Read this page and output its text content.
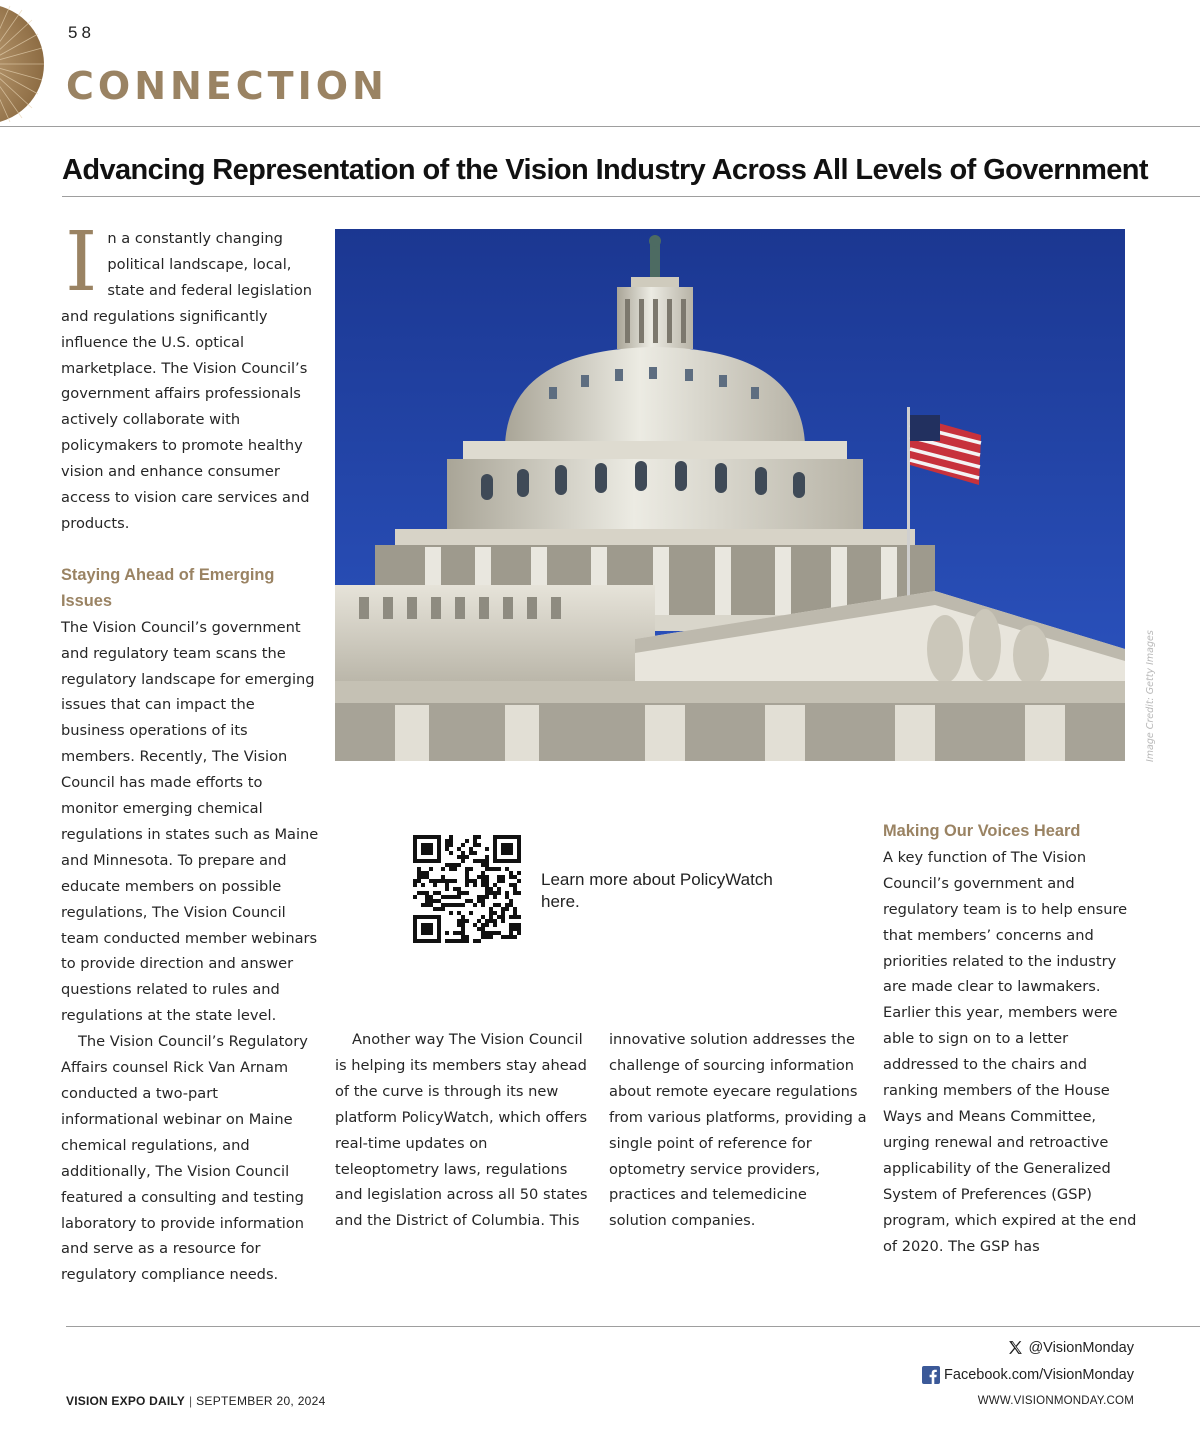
58
CONNECTION
Advancing Representation of the Vision Industry Across All Levels of Government

In a constantly changing political landscape, local, state and federal legislation and regulations significantly influence the U.S. optical marketplace. The Vision Council’s government affairs professionals actively collaborate with policymakers to promote healthy vision and enhance consumer access to vision care services and products.

Staying Ahead of Emerging Issues

The Vision Council’s government and regulatory team scans the regulatory landscape for emerging issues that can impact the business operations of its members. Recently, The Vision Council has made efforts to monitor emerging chemical regulations in states such as Maine and Minnesota. To prepare and educate members on possible regulations, The Vision Council team conducted member webinars to provide direction and answer questions related to rules and regulations at the state level.

The Vision Council’s Regulatory Affairs counsel Rick Van Arnam conducted a two-part informational webinar on Maine chemical regulations, and additionally, The Vision Council featured a consulting and testing laboratory to provide information and serve as a resource for regulatory compliance needs.

Image Credit: Getty Images
Learn more about PolicyWatch here.

Another way The Vision Council is helping its members stay ahead of the curve is through its new platform PolicyWatch, which offers real-time updates on teleoptometry laws, regulations and legislation across all 50 states and the District of Columbia. This

innovative solution addresses the challenge of sourcing information about remote eyecare regulations from various platforms, providing a single point of reference for optometry service providers, practices and telemedicine solution companies.

Making Our Voices Heard

A key function of The Vision Council’s government and regulatory team is to help ensure that members’ concerns and priorities related to the industry are made clear to lawmakers. Earlier this year, members were able to sign on to a letter addressed to the chairs and ranking members of the House Ways and Means Committee, urging renewal and retroactive applicability of the Generalized System of Preferences (GSP) program, which expired at the end of 2020. The GSP has

@VisionMonday
Facebook.com/VisionMonday
VISION EXPO DAILY | SEPTEMBER 20, 2024	WWW.VISIONMONDAY.COM
